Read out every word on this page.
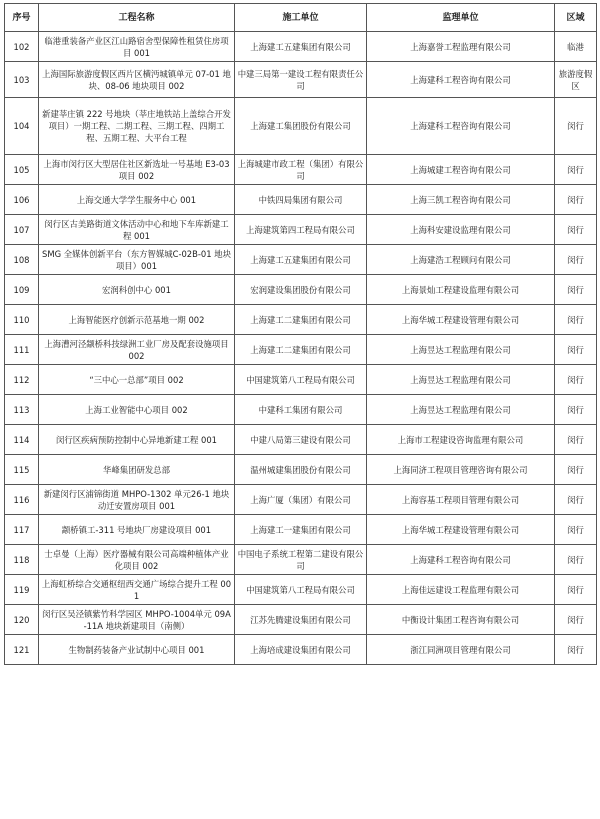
序号	工程名称	施工单位	监理单位	区域
102	临港重装备产业区江山路宿舍型保障性租赁住房项目 001	上海建工五建集团有限公司	上海嘉誉工程监理有限公司	临港
103	上海国际旅游度假区西片区横沔城镇单元 07-01 地块、08-06 地块项目 002	中建三局第一建设工程有限责任公司	上海建科工程咨询有限公司	旅游度假区
104	新建莘庄镇 222 号地块（莘庄地铁站上盖综合开发项目）一期工程、二期工程、三期工程、四期工程、五期工程、大平台工程	上海建工集团股份有限公司	上海建科工程咨询有限公司	闵行
105	上海市闵行区大型居住社区新选址一号基地 E3-03 项目 002	上海城建市政工程（集团）有限公司	上海城建工程咨询有限公司	闵行
106	上海交通大学学生服务中心 001	中铁四局集团有限公司	上海三凯工程咨询有限公司	闵行
107	闵行区古美路街道文体活动中心和地下车库新建工程 001	上海建筑第四工程局有限公司	上海科安建设监理有限公司	闵行
108	SMG 全媒体创新平台（东方智媒城C-02B-01 地块项目）001	上海建工五建集团有限公司	上海建浩工程顾问有限公司	闵行
109	宏润科创中心 001	宏润建设集团股份有限公司	上海景灿工程建设监理有限公司	闵行
110	上海智能医疗创新示范基地一期 002	上海建工二建集团有限公司	上海华城工程建设管理有限公司	闵行
111	上海漕河泾颛桥科技绿洲工业厂房及配套设施项目 002	上海建工二建集团有限公司	上海昱达工程监理有限公司	闵行
112	“三中心一总部”项目 002	中国建筑第八工程局有限公司	上海昱达工程监理有限公司	闵行
113	上海工业智能中心项目 002	中建科工集团有限公司	上海昱达工程监理有限公司	闵行
114	闵行区疾病预防控制中心异地新建工程 001	中建八局第三建设有限公司	上海市工程建设咨询监理有限公司	闵行
115	华峰集团研发总部	温州城建集团股份有限公司	上海同济工程项目管理咨询有限公司	闵行
116	新建闵行区浦锦街道 MHPO-1302 单元26-1 地块动迁安置房项目 001	上海广厦（集团）有限公司	上海容基工程项目管理有限公司	闵行
117	颛桥镇工-311 号地块厂房建设项目 001	上海建工一建集团有限公司	上海华城工程建设管理有限公司	闵行
118	士卓曼（上海）医疗器械有限公司高端种植体产业化项目 002	中国电子系统工程第二建设有限公司	上海建科工程咨询有限公司	闵行
119	上海虹桥综合交通枢纽西交通广场综合提升工程 001	中国建筑第八工程局有限公司	上海佳远建设工程监理有限公司	闵行
120	闵行区吴泾镇紫竹科学园区 MHPO-1004单元 09A-11A 地块新建项目（南侧）	江苏先腾建设集团有限公司	中衡设计集团工程咨询有限公司	闵行
121	生物制药装备产业试制中心项目 001	上海培成建设集团有限公司	浙江同洲项目管理有限公司	闵行
